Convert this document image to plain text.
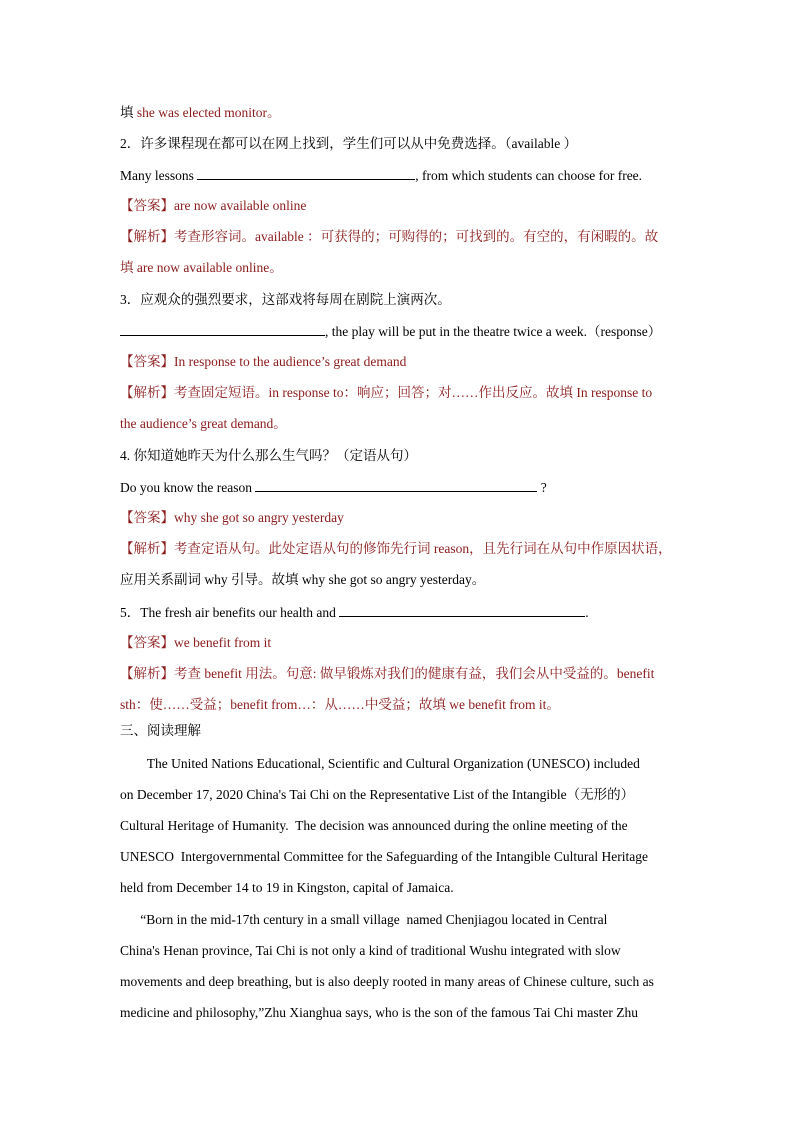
填 she was elected monitor。
2．许多课程现在都可以在网上找到，学生们可以从中免费选择。（available ）
Many lessons	, from which students can choose for free.
【答案】are now available online
【解析】考查形容词。available ：可获得的；可购得的；可找到的。有空的，有闲暇的。故
填 are now available online。
3．应观众的强烈要求，这部戏将每周在剧院上演两次。
, the play will be put in the theatre twice a week.（response）
【答案】In response to the audience’s great demand
【解析】考查固定短语。in response to：响应；回答；对……作出反应。故填 In response to
the audience’s great demand。
4. 你知道她昨天为什么那么生气吗？（定语从句）
Do you know the reason	?
【答案】why she got so angry yesterday
【解析】考查定语从句。此处定语从句的修饰先行词 reason，且先行词在从句中作原因状语，
应用关系副词 why 引导。故填 why she got so angry yesterday。
5．The fresh air benefits our health and	.
【答案】we benefit from it
【解析】考查 benefit 用法。句意: 做早锻炼对我们的健康有益，我们会从中受益的。benefit
sth：使……受益；benefit from…：从……中受益；故填 we benefit from it。
三、阅读理解
The United Nations Educational, Scientific and Cultural Organization (UNESCO) included
on December 17, 2020 China's Tai Chi on the Representative List of the Intangible（无形的）
Cultural Heritage of Humanity.  The decision was announced during the online meeting of the
UNESCO  Intergovernmental Committee for the Safeguarding of the Intangible Cultural Heritage
held from December 14 to 19 in Kingston, capital of Jamaica.
“Born in the mid-17th century in a small village  named Chenjiagou located in Central
China's Henan province, Tai Chi is not only a kind of traditional Wushu integrated with slow
movements and deep breathing, but is also deeply rooted in many areas of Chinese culture, such as
medicine and philosophy,”Zhu Xianghua says, who is the son of the famous Tai Chi master Zhu
